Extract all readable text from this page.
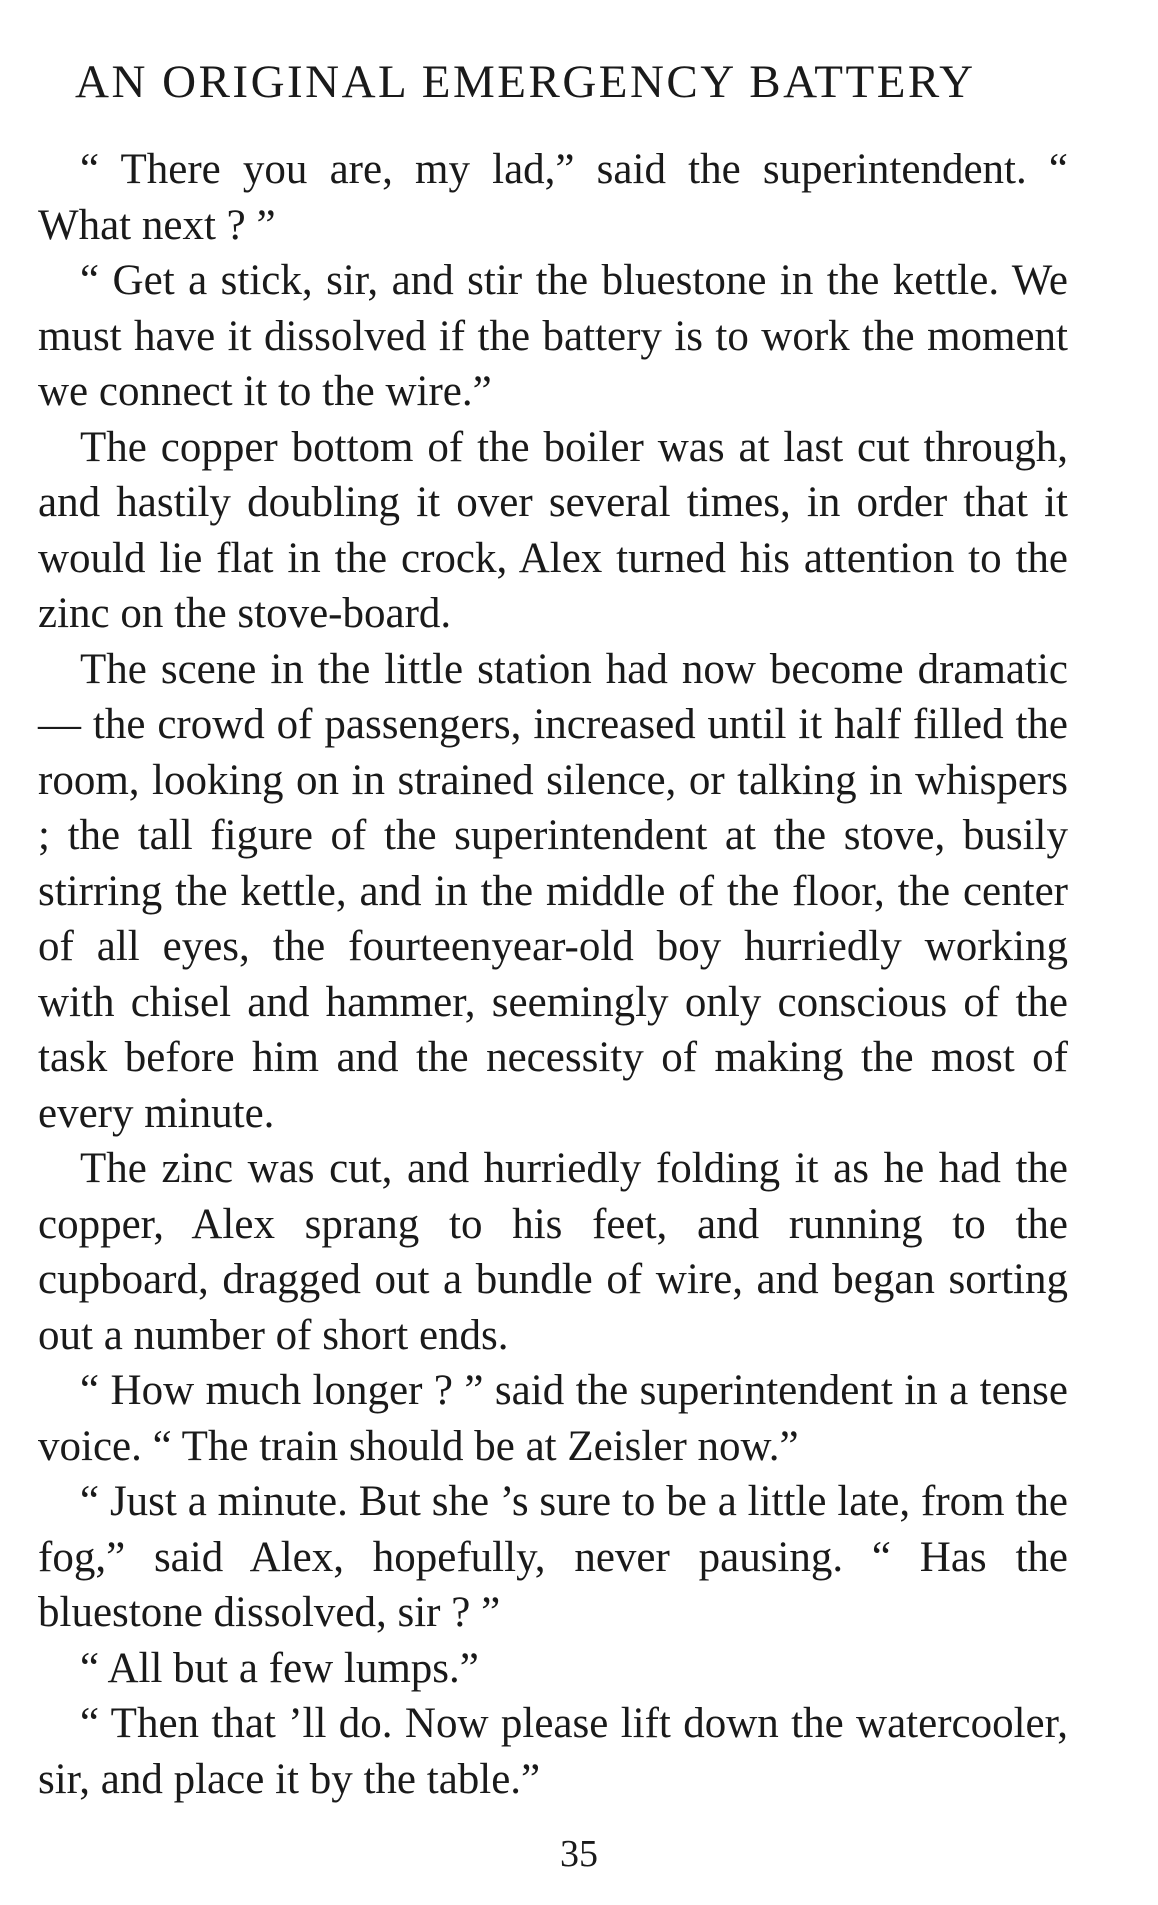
AN ORIGINAL EMERGENCY BATTERY

“ There you are, my lad,” said the superintendent. “ What next ? ”

“ Get a stick, sir, and stir the bluestone in the kettle. We must have it dissolved if the battery is to work the moment we connect it to the wire.”

The copper bottom of the boiler was at last cut through, and hastily doubling it over several times, in order that it would lie flat in the crock, Alex turned his attention to the zinc on the stove-board.

The scene in the little station had now become dramatic — the crowd of passengers, increased until it half filled the room, looking on in strained silence, or talking in whispers ; the tall figure of the superintendent at the stove, busily stirring the kettle, and in the middle of the floor, the center of all eyes, the fourteenyear-old boy hurriedly working with chisel and hammer, seemingly only conscious of the task before him and the necessity of making the most of every minute.

The zinc was cut, and hurriedly folding it as he had the copper, Alex sprang to his feet, and running to the cupboard, dragged out a bundle of wire, and began sorting out a number of short ends.

“ How much longer ? ” said the superintendent in a tense voice. “ The train should be at Zeisler now.”

“ Just a minute. But she ’s sure to be a little late, from the fog,” said Alex, hopefully, never pausing. “ Has the bluestone dissolved, sir ? ”

“ All but a few lumps.”

“ Then that ’ll do. Now please lift down the watercooler, sir, and place it by the table.”

35
